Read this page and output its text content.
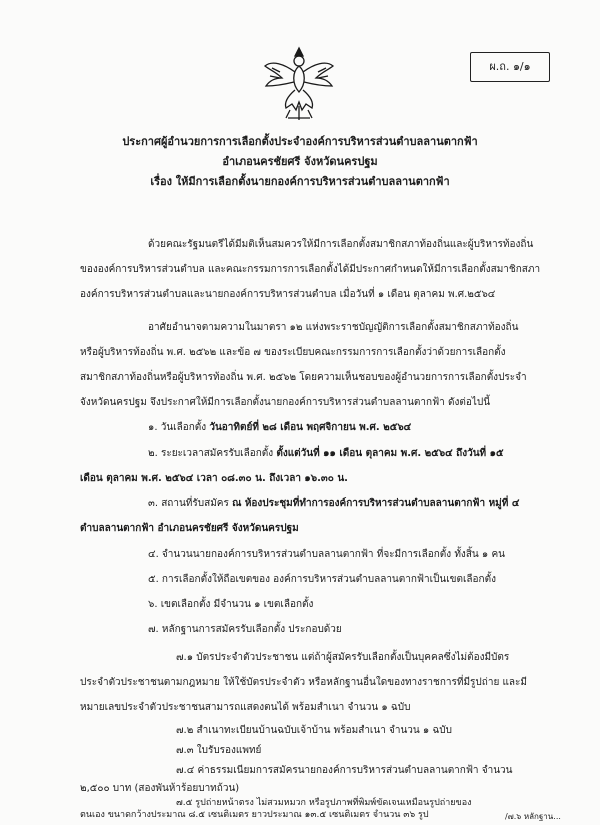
ผ.ถ. ๑/๑
ประกาศผู้อำนวยการการเลือกตั้งประจำองค์การบริหารส่วนตำบลลานตากฟ้า
อำเภอนครชัยศรี จังหวัดนครปฐม
เรื่อง ให้มีการเลือกตั้งนายกองค์การบริหารส่วนตำบลลานตากฟ้า
ด้วยคณะรัฐมนตรีได้มีมติเห็นสมควรให้มีการเลือกตั้งสมาชิกสภาท้องถิ่นและผู้บริหารท้องถิ่น
ขององค์การบริหารส่วนตำบล และคณะกรรมการการเลือกตั้งได้มีประกาศกำหนดให้มีการเลือกตั้งสมาชิกสภา
องค์การบริหารส่วนตำบลและนายกองค์การบริหารส่วนตำบล เมื่อวันที่ ๑ เดือน ตุลาคม พ.ศ.๒๕๖๔
อาศัยอำนาจตามความในมาตรา ๑๒ แห่งพระราชบัญญัติการเลือกตั้งสมาชิกสภาท้องถิ่น
หรือผู้บริหารท้องถิ่น พ.ศ. ๒๕๖๒ และข้อ ๗ ของระเบียบคณะกรรมการการเลือกตั้งว่าด้วยการเลือกตั้ง
สมาชิกสภาท้องถิ่นหรือผู้บริหารท้องถิ่น พ.ศ. ๒๕๖๒ โดยความเห็นชอบของผู้อำนวยการการเลือกตั้งประจำ
จังหวัดนครปฐม จึงประกาศให้มีการเลือกตั้งนายกองค์การบริหารส่วนตำบลลานตากฟ้า ดังต่อไปนี้
๑. วันเลือกตั้ง วันอาทิตย์ที่ ๒๘ เดือน พฤศจิกายน พ.ศ. ๒๕๖๔
๒. ระยะเวลาสมัครรับเลือกตั้ง ตั้งแต่วันที่ ๑๑ เดือน ตุลาคม พ.ศ. ๒๕๖๔ ถึงวันที่ ๑๕
เดือน ตุลาคม พ.ศ. ๒๕๖๔ เวลา ๐๘.๓๐ น. ถึงเวลา ๑๖.๓๐ น.
๓. สถานที่รับสมัคร ณ ห้องประชุมที่ทำการองค์การบริหารส่วนตำบลลานตากฟ้า หมู่ที่ ๔
ตำบลลานตากฟ้า อำเภอนครชัยศรี จังหวัดนครปฐม
๔. จำนวนนายกองค์การบริหารส่วนตำบลลานตากฟ้า ที่จะมีการเลือกตั้ง ทั้งสิ้น ๑ คน
๕. การเลือกตั้งให้ถือเขตของ องค์การบริหารส่วนตำบลลานตากฟ้าเป็นเขตเลือกตั้ง
๖. เขตเลือกตั้ง มีจำนวน ๑ เขตเลือกตั้ง
๗. หลักฐานการสมัครรับเลือกตั้ง ประกอบด้วย
๗.๑ บัตรประจำตัวประชาชน แต่ถ้าผู้สมัครรับเลือกตั้งเป็นบุคคลซึ่งไม่ต้องมีบัตร
ประจำตัวประชาชนตามกฎหมาย ให้ใช้บัตรประจำตัว หรือหลักฐานอื่นใดของทางราชการที่มีรูปถ่าย และมี
หมายเลขประจำตัวประชาชนสามารถแสดงตนได้ พร้อมสำเนา จำนวน ๑ ฉบับ
๗.๒ สำเนาทะเบียนบ้านฉบับเจ้าบ้าน พร้อมสำเนา จำนวน ๑ ฉบับ
๗.๓ ใบรับรองแพทย์
๗.๔ ค่าธรรมเนียมการสมัครนายกองค์การบริหารส่วนตำบลลานตากฟ้า จำนวน
๒,๕๐๐ บาท (สองพันห้าร้อยบาทถ้วน)
/๗.๖ หลักฐาน...
๗.๕ รูปถ่ายหน้าตรง ไม่สวมหมวก หรือรูปภาพที่พิมพ์ขัดเจนเหมือนรูปถ่ายของ
ตนเอง ขนาดกว้างประมาณ ๘.๕ เซนติเมตร ยาวประมาณ ๑๓.๕ เซนติเมตร จำนวน ๓๖ รูป
